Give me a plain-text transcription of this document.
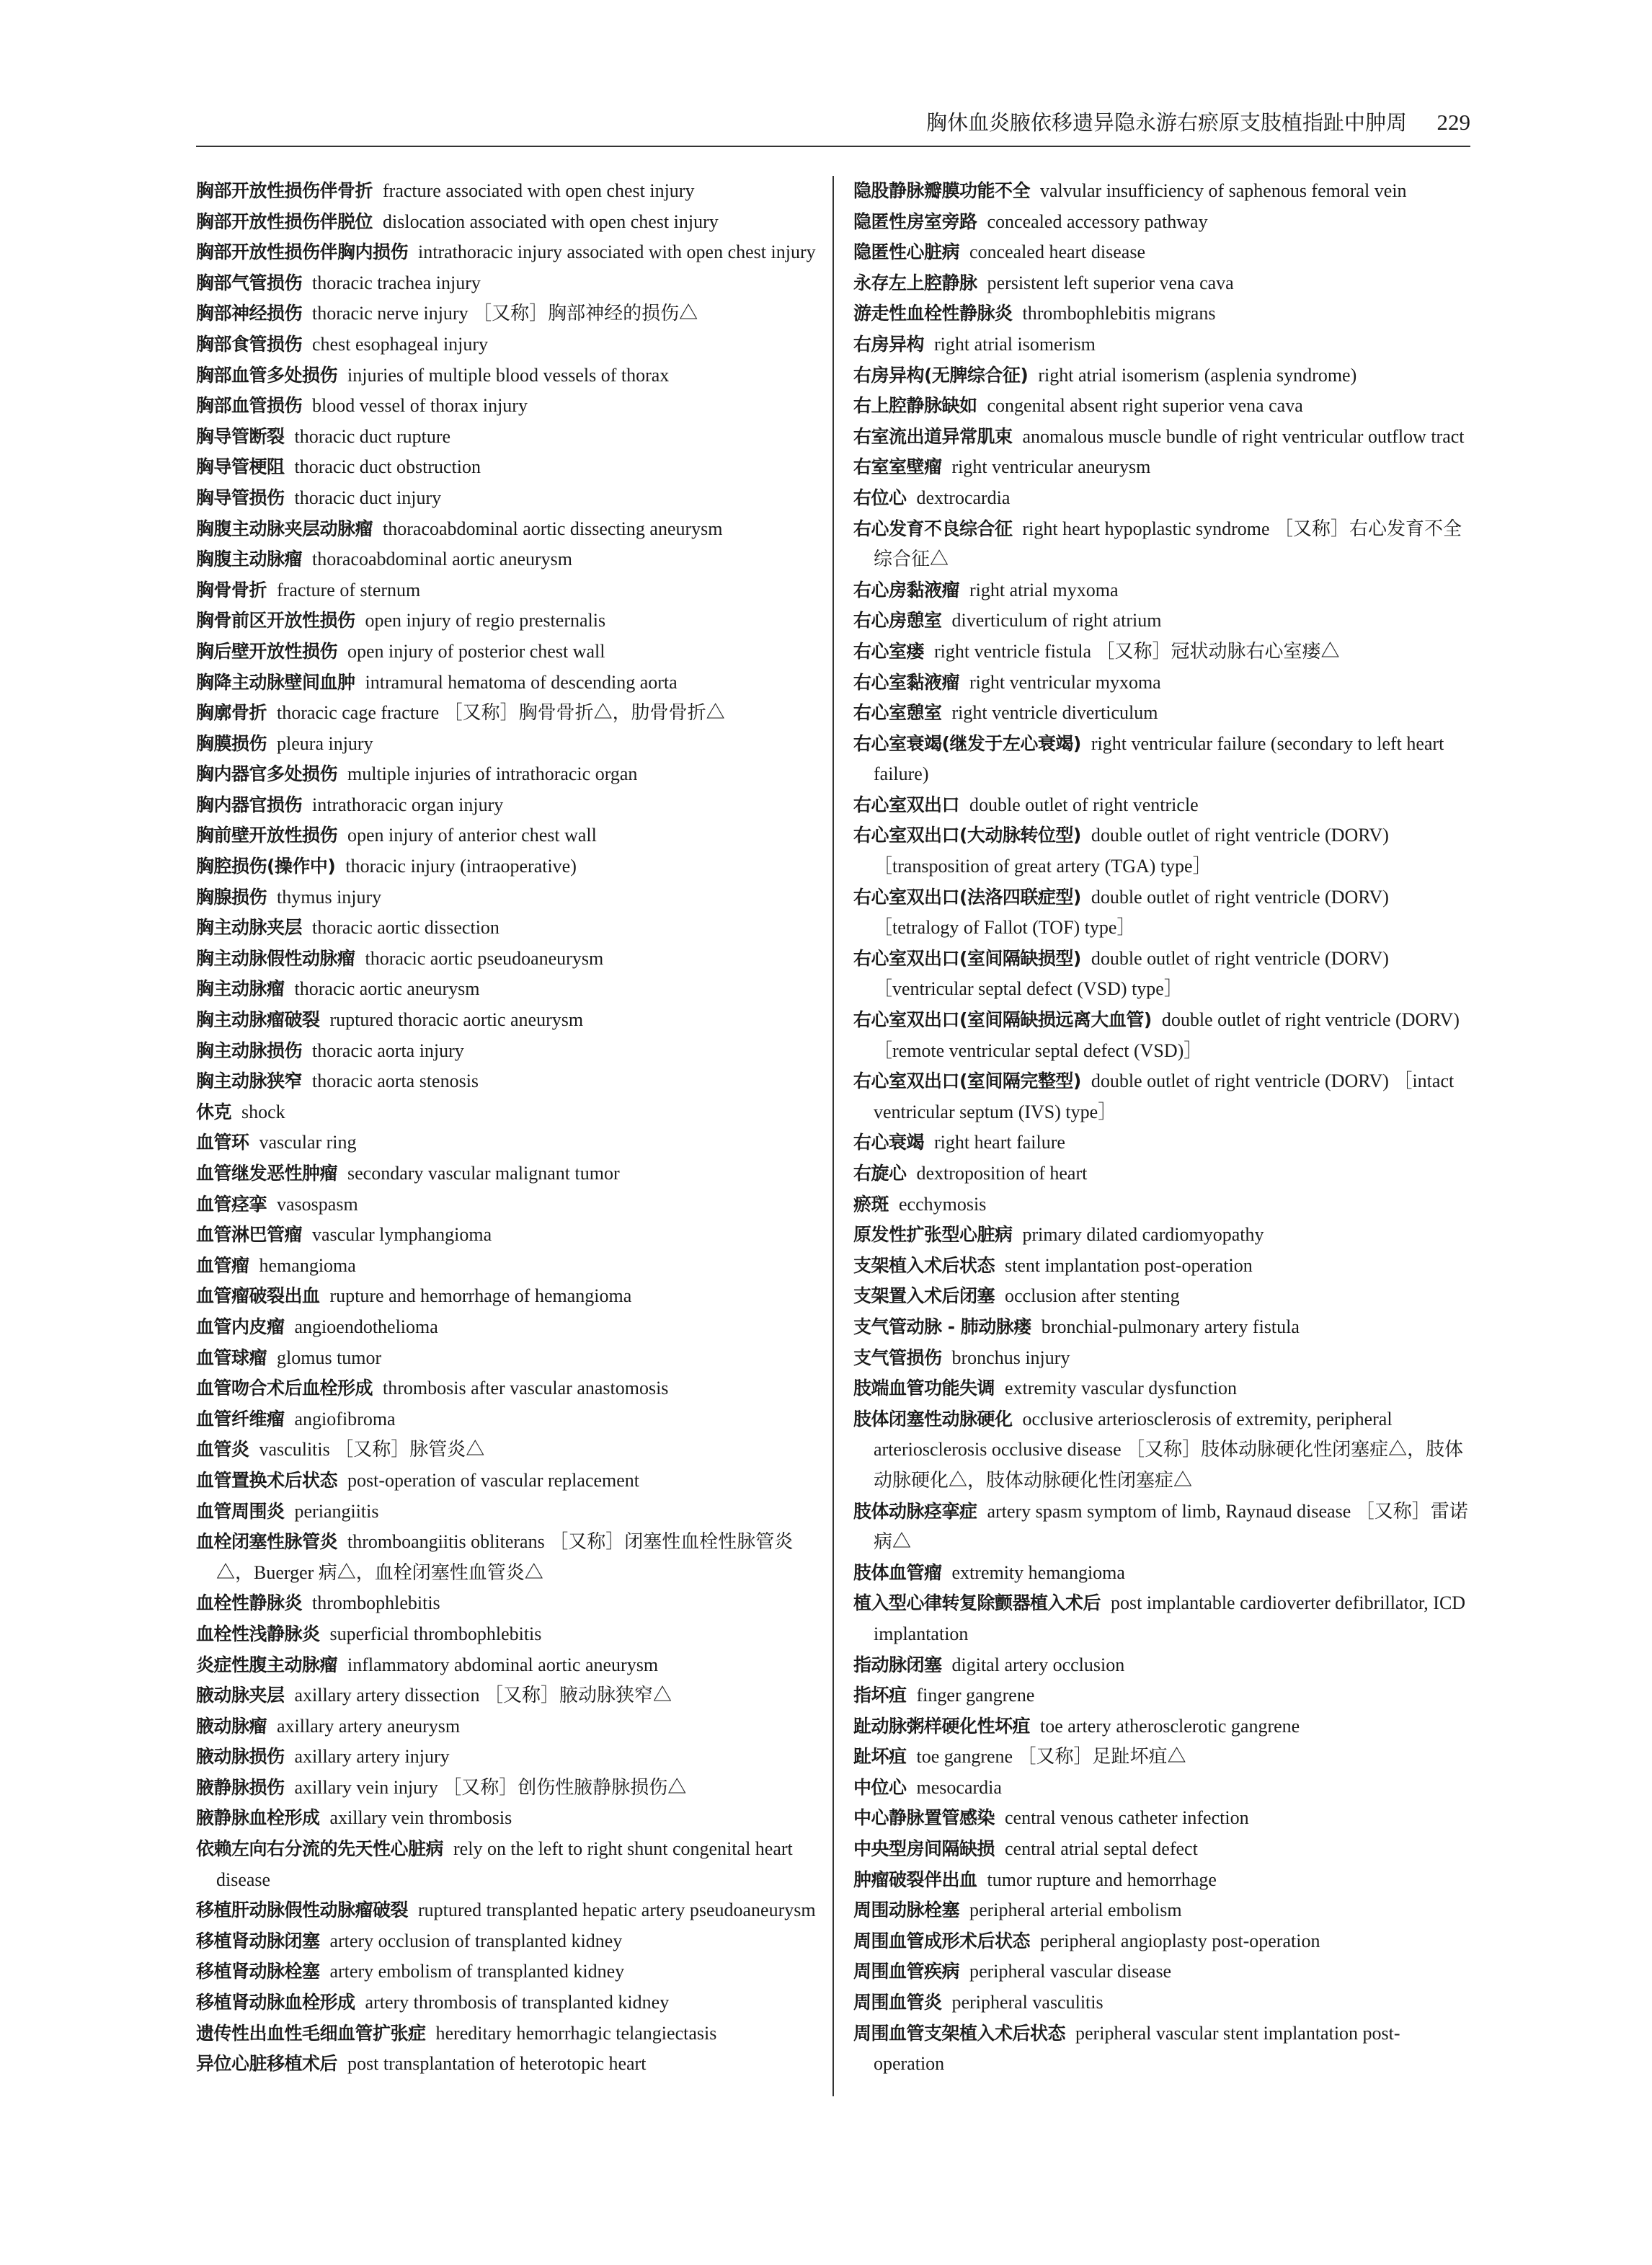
胸休血炎腋依移遗异隐永游右瘀原支肢植指趾中肿周 229
胸部开放性损伤伴骨折 fracture associated with open chest injury
胸部开放性损伤伴脱位 dislocation associated with open chest injury
胸部开放性损伤伴胸内损伤 intrathoracic injury associated with open chest injury
胸部气管损伤 thoracic trachea injury
胸部神经损伤 thoracic nerve injury ［又称］胸部神经的损伤△
胸部食管损伤 chest esophageal injury
胸部血管多处损伤 injuries of multiple blood vessels of thorax
胸部血管损伤 blood vessel of thorax injury
胸导管断裂 thoracic duct rupture
胸导管梗阻 thoracic duct obstruction
胸导管损伤 thoracic duct injury
胸腹主动脉夹层动脉瘤 thoracoabdominal aortic dissecting aneurysm
胸腹主动脉瘤 thoracoabdominal aortic aneurysm
胸骨骨折 fracture of sternum
胸骨前区开放性损伤 open injury of regio presternalis
胸后壁开放性损伤 open injury of posterior chest wall
胸降主动脉壁间血肿 intramural hematoma of descending aorta
胸廓骨折 thoracic cage fracture ［又称］胸骨骨折△，肋骨骨折△
胸膜损伤 pleura injury
胸内器官多处损伤 multiple injuries of intrathoracic organ
胸内器官损伤 intrathoracic organ injury
胸前壁开放性损伤 open injury of anterior chest wall
胸腔损伤(操作中) thoracic injury (intraoperative)
胸腺损伤 thymus injury
胸主动脉夹层 thoracic aortic dissection
胸主动脉假性动脉瘤 thoracic aortic pseudoaneurysm
胸主动脉瘤 thoracic aortic aneurysm
胸主动脉瘤破裂 ruptured thoracic aortic aneurysm
胸主动脉损伤 thoracic aorta injury
胸主动脉狭窄 thoracic aorta stenosis
休克 shock
血管环 vascular ring
血管继发恶性肿瘤 secondary vascular malignant tumor
血管痉挛 vasospasm
血管淋巴管瘤 vascular lymphangioma
血管瘤 hemangioma
血管瘤破裂出血 rupture and hemorrhage of hemangioma
血管内皮瘤 angioendothelioma
血管球瘤 glomus tumor
血管吻合术后血栓形成 thrombosis after vascular anastomosis
血管纤维瘤 angiofibroma
血管炎 vasculitis ［又称］脉管炎△
血管置换术后状态 post-operation of vascular replacement
血管周围炎 periangiitis
血栓闭塞性脉管炎 thromboangiitis obliterans ［又称］闭塞性血栓性脉管炎△，Buerger 病△，血栓闭塞性血管炎△
血栓性静脉炎 thrombophlebitis
血栓性浅静脉炎 superficial thrombophlebitis
炎症性腹主动脉瘤 inflammatory abdominal aortic aneurysm
腋动脉夹层 axillary artery dissection ［又称］腋动脉狭窄△
腋动脉瘤 axillary artery aneurysm
腋动脉损伤 axillary artery injury
腋静脉损伤 axillary vein injury ［又称］创伤性腋静脉损伤△
腋静脉血栓形成 axillary vein thrombosis
依赖左向右分流的先天性心脏病 rely on the left to right shunt congenital heart disease
移植肝动脉假性动脉瘤破裂 ruptured transplanted hepatic artery pseudoaneurysm
移植肾动脉闭塞 artery occlusion of transplanted kidney
移植肾动脉栓塞 artery embolism of transplanted kidney
移植肾动脉血栓形成 artery thrombosis of transplanted kidney
遗传性出血性毛细血管扩张症 hereditary hemorrhagic telangiectasis
异位心脏移植术后 post transplantation of heterotopic heart
隐股静脉瓣膜功能不全 valvular insufficiency of saphenous femoral vein
隐匿性房室旁路 concealed accessory pathway
隐匿性心脏病 concealed heart disease
永存左上腔静脉 persistent left superior vena cava
游走性血栓性静脉炎 thrombophlebitis migrans
右房异构 right atrial isomerism
右房异构(无脾综合征) right atrial isomerism (asplenia syndrome)
右上腔静脉缺如 congenital absent right superior vena cava
右室流出道异常肌束 anomalous muscle bundle of right ventricular outflow tract
右室室壁瘤 right ventricular aneurysm
右位心 dextrocardia
右心发育不良综合征 right heart hypoplastic syndrome ［又称］右心发育不全综合征△
右心房黏液瘤 right atrial myxoma
右心房憩室 diverticulum of right atrium
右心室瘘 right ventricle fistula ［又称］冠状动脉右心室瘘△
右心室黏液瘤 right ventricular myxoma
右心室憩室 right ventricle diverticulum
右心室衰竭(继发于左心衰竭) right ventricular failure (secondary to left heart failure)
右心室双出口 double outlet of right ventricle
右心室双出口(大动脉转位型) double outlet of right ventricle (DORV) ［transposition of great artery (TGA) type］
右心室双出口(法洛四联症型) double outlet of right ventricle (DORV) ［tetralogy of Fallot (TOF) type］
右心室双出口(室间隔缺损型) double outlet of right ventricle (DORV) ［ventricular septal defect (VSD) type］
右心室双出口(室间隔缺损远离大血管) double outlet of right ventricle (DORV) ［remote ventricular septal defect (VSD)］
右心室双出口(室间隔完整型) double outlet of right ventricle (DORV) ［intact ventricular septum (IVS) type］
右心衰竭 right heart failure
右旋心 dextroposition of heart
瘀斑 ecchymosis
原发性扩张型心脏病 primary dilated cardiomyopathy
支架植入术后状态 stent implantation post-operation
支架置入术后闭塞 occlusion after stenting
支气管动脉 - 肺动脉瘘 bronchial-pulmonary artery fistula
支气管损伤 bronchus injury
肢端血管功能失调 extremity vascular dysfunction
肢体闭塞性动脉硬化 occlusive arteriosclerosis of extremity, peripheral arteriosclerosis occlusive disease ［又称］肢体动脉硬化性闭塞症△，肢体动脉硬化△，肢体动脉硬化性闭塞症△
肢体动脉痉挛症 artery spasm symptom of limb, Raynaud disease ［又称］雷诺病△
肢体血管瘤 extremity hemangioma
植入型心律转复除颤器植入术后 post implantable cardioverter defibrillator, ICD implantation
指动脉闭塞 digital artery occlusion
指坏疽 finger gangrene
趾动脉粥样硬化性坏疽 toe artery atherosclerotic gangrene
趾坏疽 toe gangrene ［又称］足趾坏疽△
中位心 mesocardia
中心静脉置管感染 central venous catheter infection
中央型房间隔缺损 central atrial septal defect
肿瘤破裂伴出血 tumor rupture and hemorrhage
周围动脉栓塞 peripheral arterial embolism
周围血管成形术后状态 peripheral angioplasty post-operation
周围血管疾病 peripheral vascular disease
周围血管炎 peripheral vasculitis
周围血管支架植入术后状态 peripheral vascular stent implantation post-operation
